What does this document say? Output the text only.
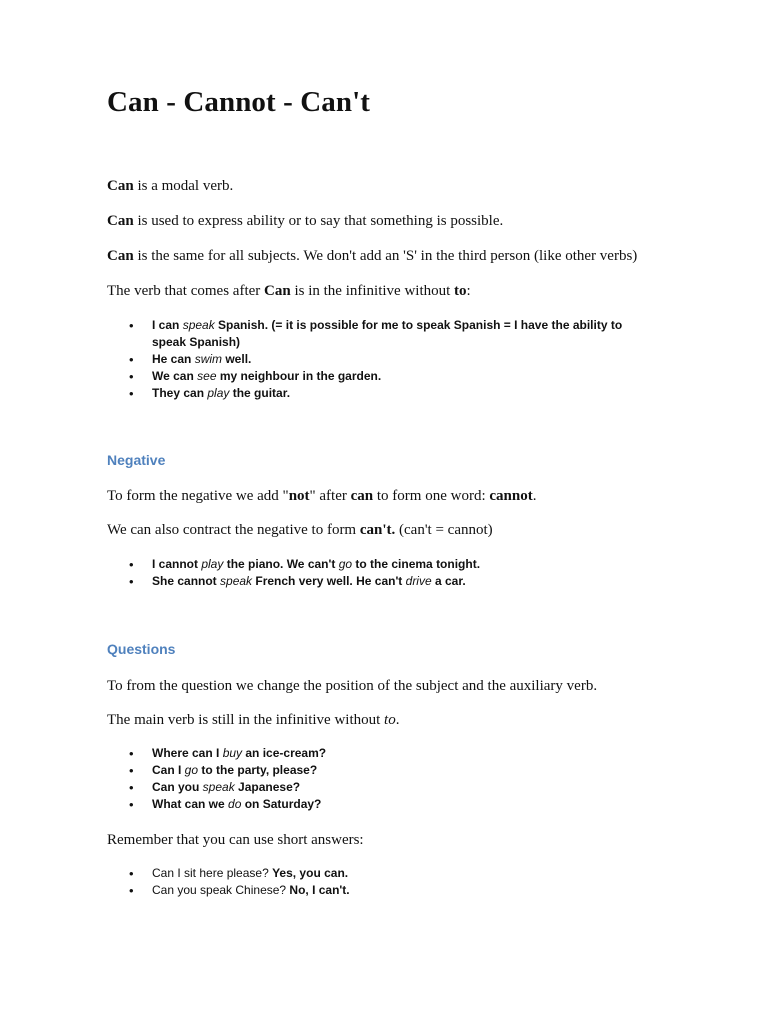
Can - Cannot - Can't

Can is a modal verb.

Can is used to express ability or to say that something is possible.

Can is the same for all subjects. We don't add an 'S' in the third person (like other verbs)

The verb that comes after Can is in the infinitive without to:

• I can speak Spanish. (= it is possible for me to speak Spanish = I have the ability to speak Spanish)
• He can swim well.
• We can see my neighbour in the garden.
• They can play the guitar.

Negative

To form the negative we add "not" after can to form one word: cannot.

We can also contract the negative to form can't. (can't = cannot)

• I cannot play the piano. We can't go to the cinema tonight.
• She cannot speak French very well. He can't drive a car.

Questions

To from the question we change the position of the subject and the auxiliary verb.

The main verb is still in the infinitive without to.

• Where can I buy an ice-cream?
• Can I go to the party, please?
• Can you speak Japanese?
• What can we do on Saturday?

Remember that you can use short answers:

• Can I sit here please? Yes, you can.
• Can you speak Chinese? No, I can't.
